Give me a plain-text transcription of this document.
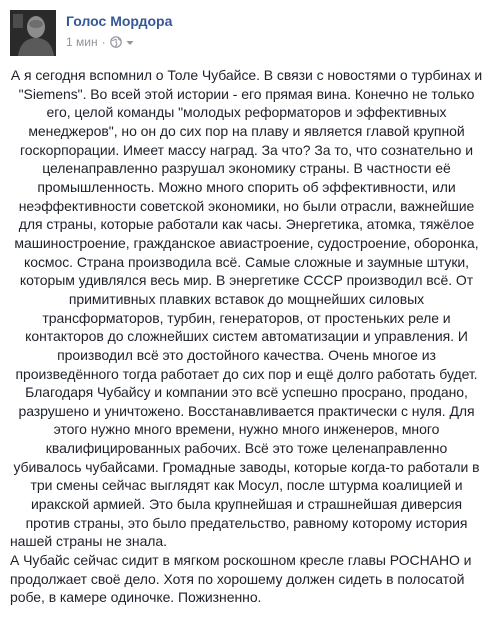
Голос Мордора
1 мин ·

А я сегодня вспомнил о Толе Чубайсе. В связи с новостями о турбинах и

"Siemens". Во всей этой истории - его прямая вина. Конечно не только

его, целой команды "молодых реформаторов и эффективных

менеджеров", но он до сих пор на плаву и является главой крупной

госкорпорации. Имеет массу наград. За что? За то, что сознательно и

целенаправленно разрушал экономику страны. В частности её

промышленность. Можно много спорить об эффективности, или

неэффективности советской экономики, но были отрасли, важнейшие

для страны, которые работали как часы. Энергетика, атомка, тяжёлое

машиностроение, гражданское авиастроение, судостроение, оборонка,

космос. Страна производила всё. Самые сложные и заумные штуки,

которым удивлялся весь мир. В энергетике СССР производил всё. От

примитивных плавких вставок до мощнейших силовых

трансформаторов, турбин, генераторов, от простеньких реле и

контакторов до сложнейших систем автоматизации и управления. И

производил всё это достойного качества. Очень многое из

произведённого тогда работает до сих пор и ещё долго работать будет.

Благодаря Чубайсу и компании это всё успешно просрано, продано,

разрушено и уничтожено. Восстанавливается практически с нуля. Для

этого нужно много времени, нужно много инженеров, много

квалифицированных рабочих. Всё это тоже целенаправленно

убивалось чубайсами. Громадные заводы, которые когда-то работали в

три смены сейчас выглядят как Мосул, после штурма коалицией и

иракской армией. Это была крупнейшая и страшнейшая диверсия

против страны, это было предательство, равному которому история

нашей страны не знала.

А Чубайс сейчас сидит в мягком роскошном кресле главы РОСНАНО и

продолжает своё дело. Хотя по хорошему должен сидеть в полосатой

робе, в камере одиночке. Пожизненно.
